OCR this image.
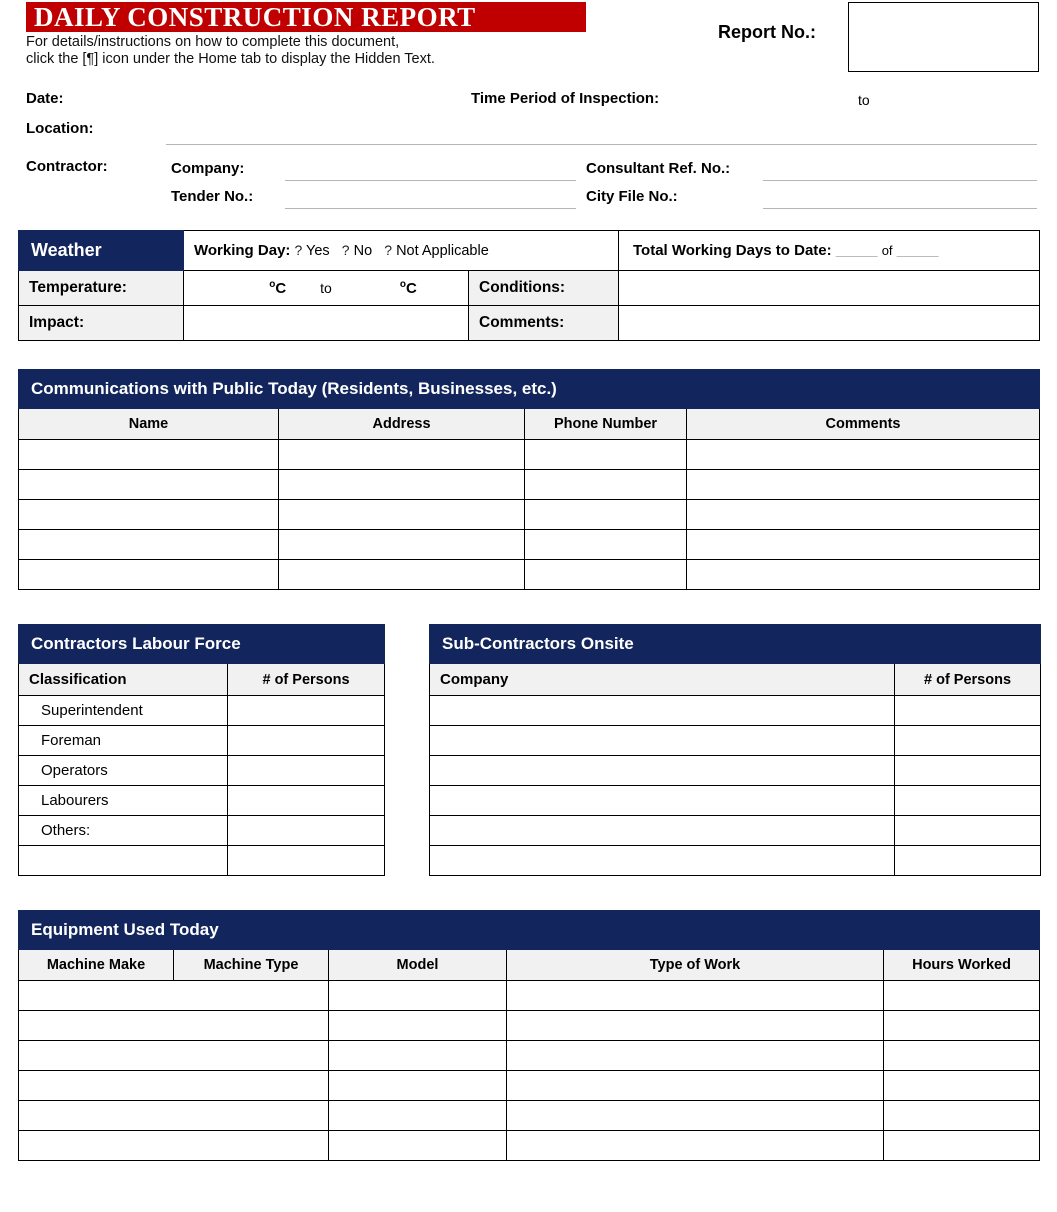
DAILY CONSTRUCTION REPORT
For details/instructions on how to complete this document,
click the [¶] icon under the Home tab to display the Hidden Text.
Report No.:
Date:	Time Period of Inspection:	to
Location:
Contractor:	Company:
Tender No.:
Consultant Ref. No.:
City File No.:
Weather	Working Day: ? Yes ? No ? Not Applicable		Total Working Days to Date: _____ of _____

Temperature:	$^o$C to $^o$C	Conditions:	
Impact:		Comments:	
Communications with Public Today (Residents, Businesses, etc.)			
Name	Address	Phone Number	Comments

Contractors Labour Force	
Classification	# of Persons
Superintendent	
Foreman	
Operators	
Labourers	
Others:	

Sub-Contractors Onsite	
Company	# of Persons

Equipment Used Today				
Machine Make	Machine Type	Model	Type of Work	Hours Worked
